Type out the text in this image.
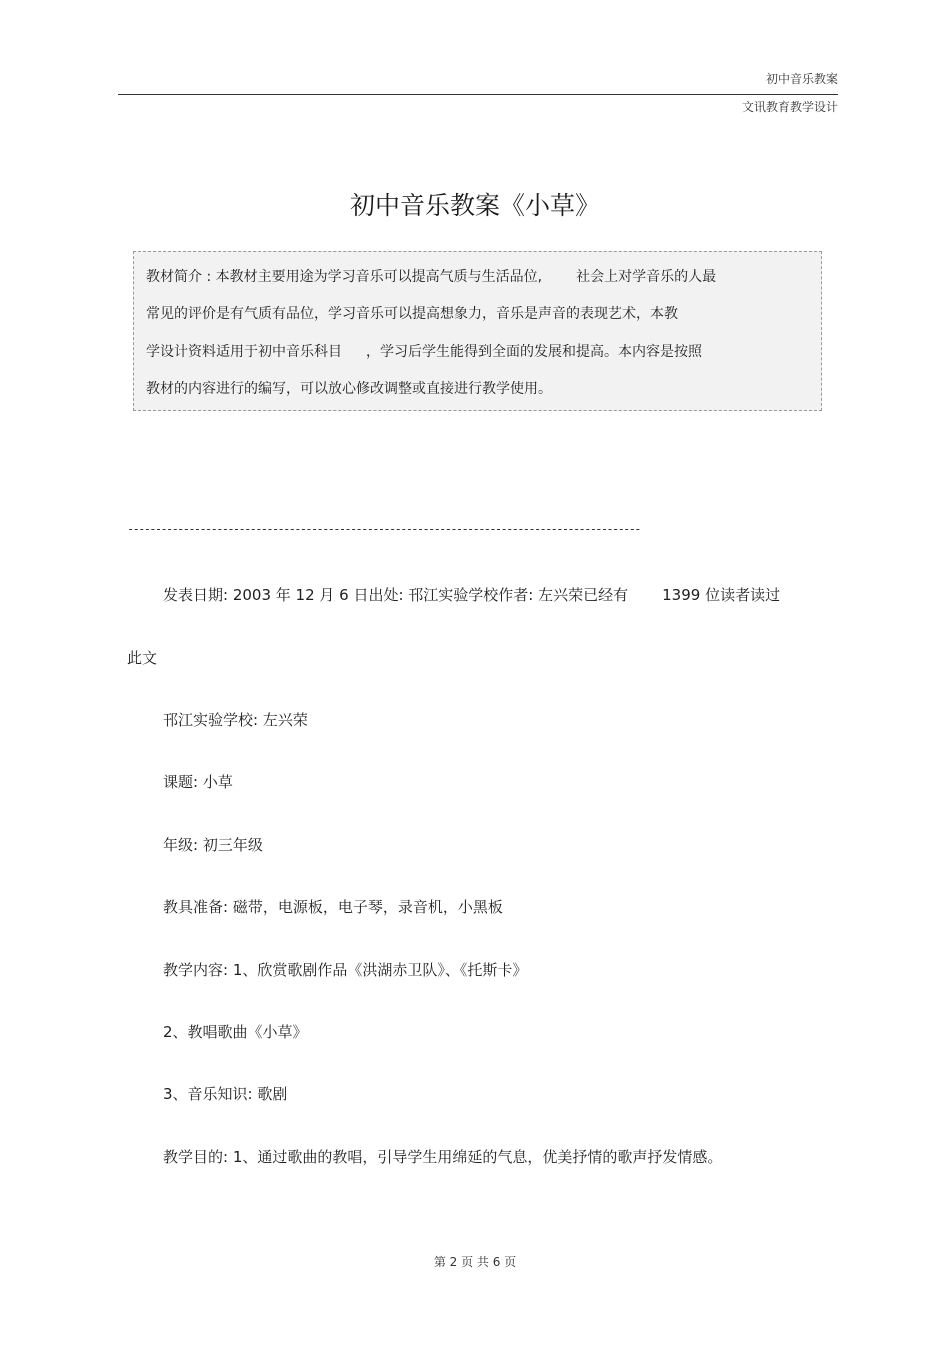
初中音乐教案
文讯教育教学设计
初中音乐教案《小草》
教材简介 : 本教材主要用途为学习音乐可以提高气质与生活品位, 社会上对学音乐的人最
常见的评价是有气质有品位，学习音乐可以提高想象力，音乐是声音的表现艺术，本教
学设计资料适用于初中音乐科目 ，学习后学生能得到全面的发展和提高。本内容是按照
教材的内容进行的编写，可以放心修改调整或直接进行教学使用。
--------------------------------------------------------------------------------------------
发表日期: 2003 年 12 月 6 日出处: 邗江实验学校作者: 左兴荣已经有 1399 位读者读过
此文
邗江实验学校: 左兴荣
课题: 小草
年级: 初三年级
教具准备: 磁带，电源板，电子琴，录音机，小黑板
教学内容: 1、欣赏歌剧作品《洪湖赤卫队》、《托斯卡》
2、教唱歌曲《小草》
3、音乐知识: 歌剧
教学目的: 1、通过歌曲的教唱，引导学生用绵延的气息，优美抒情的歌声抒发情感。
第 2 页 共 6 页
